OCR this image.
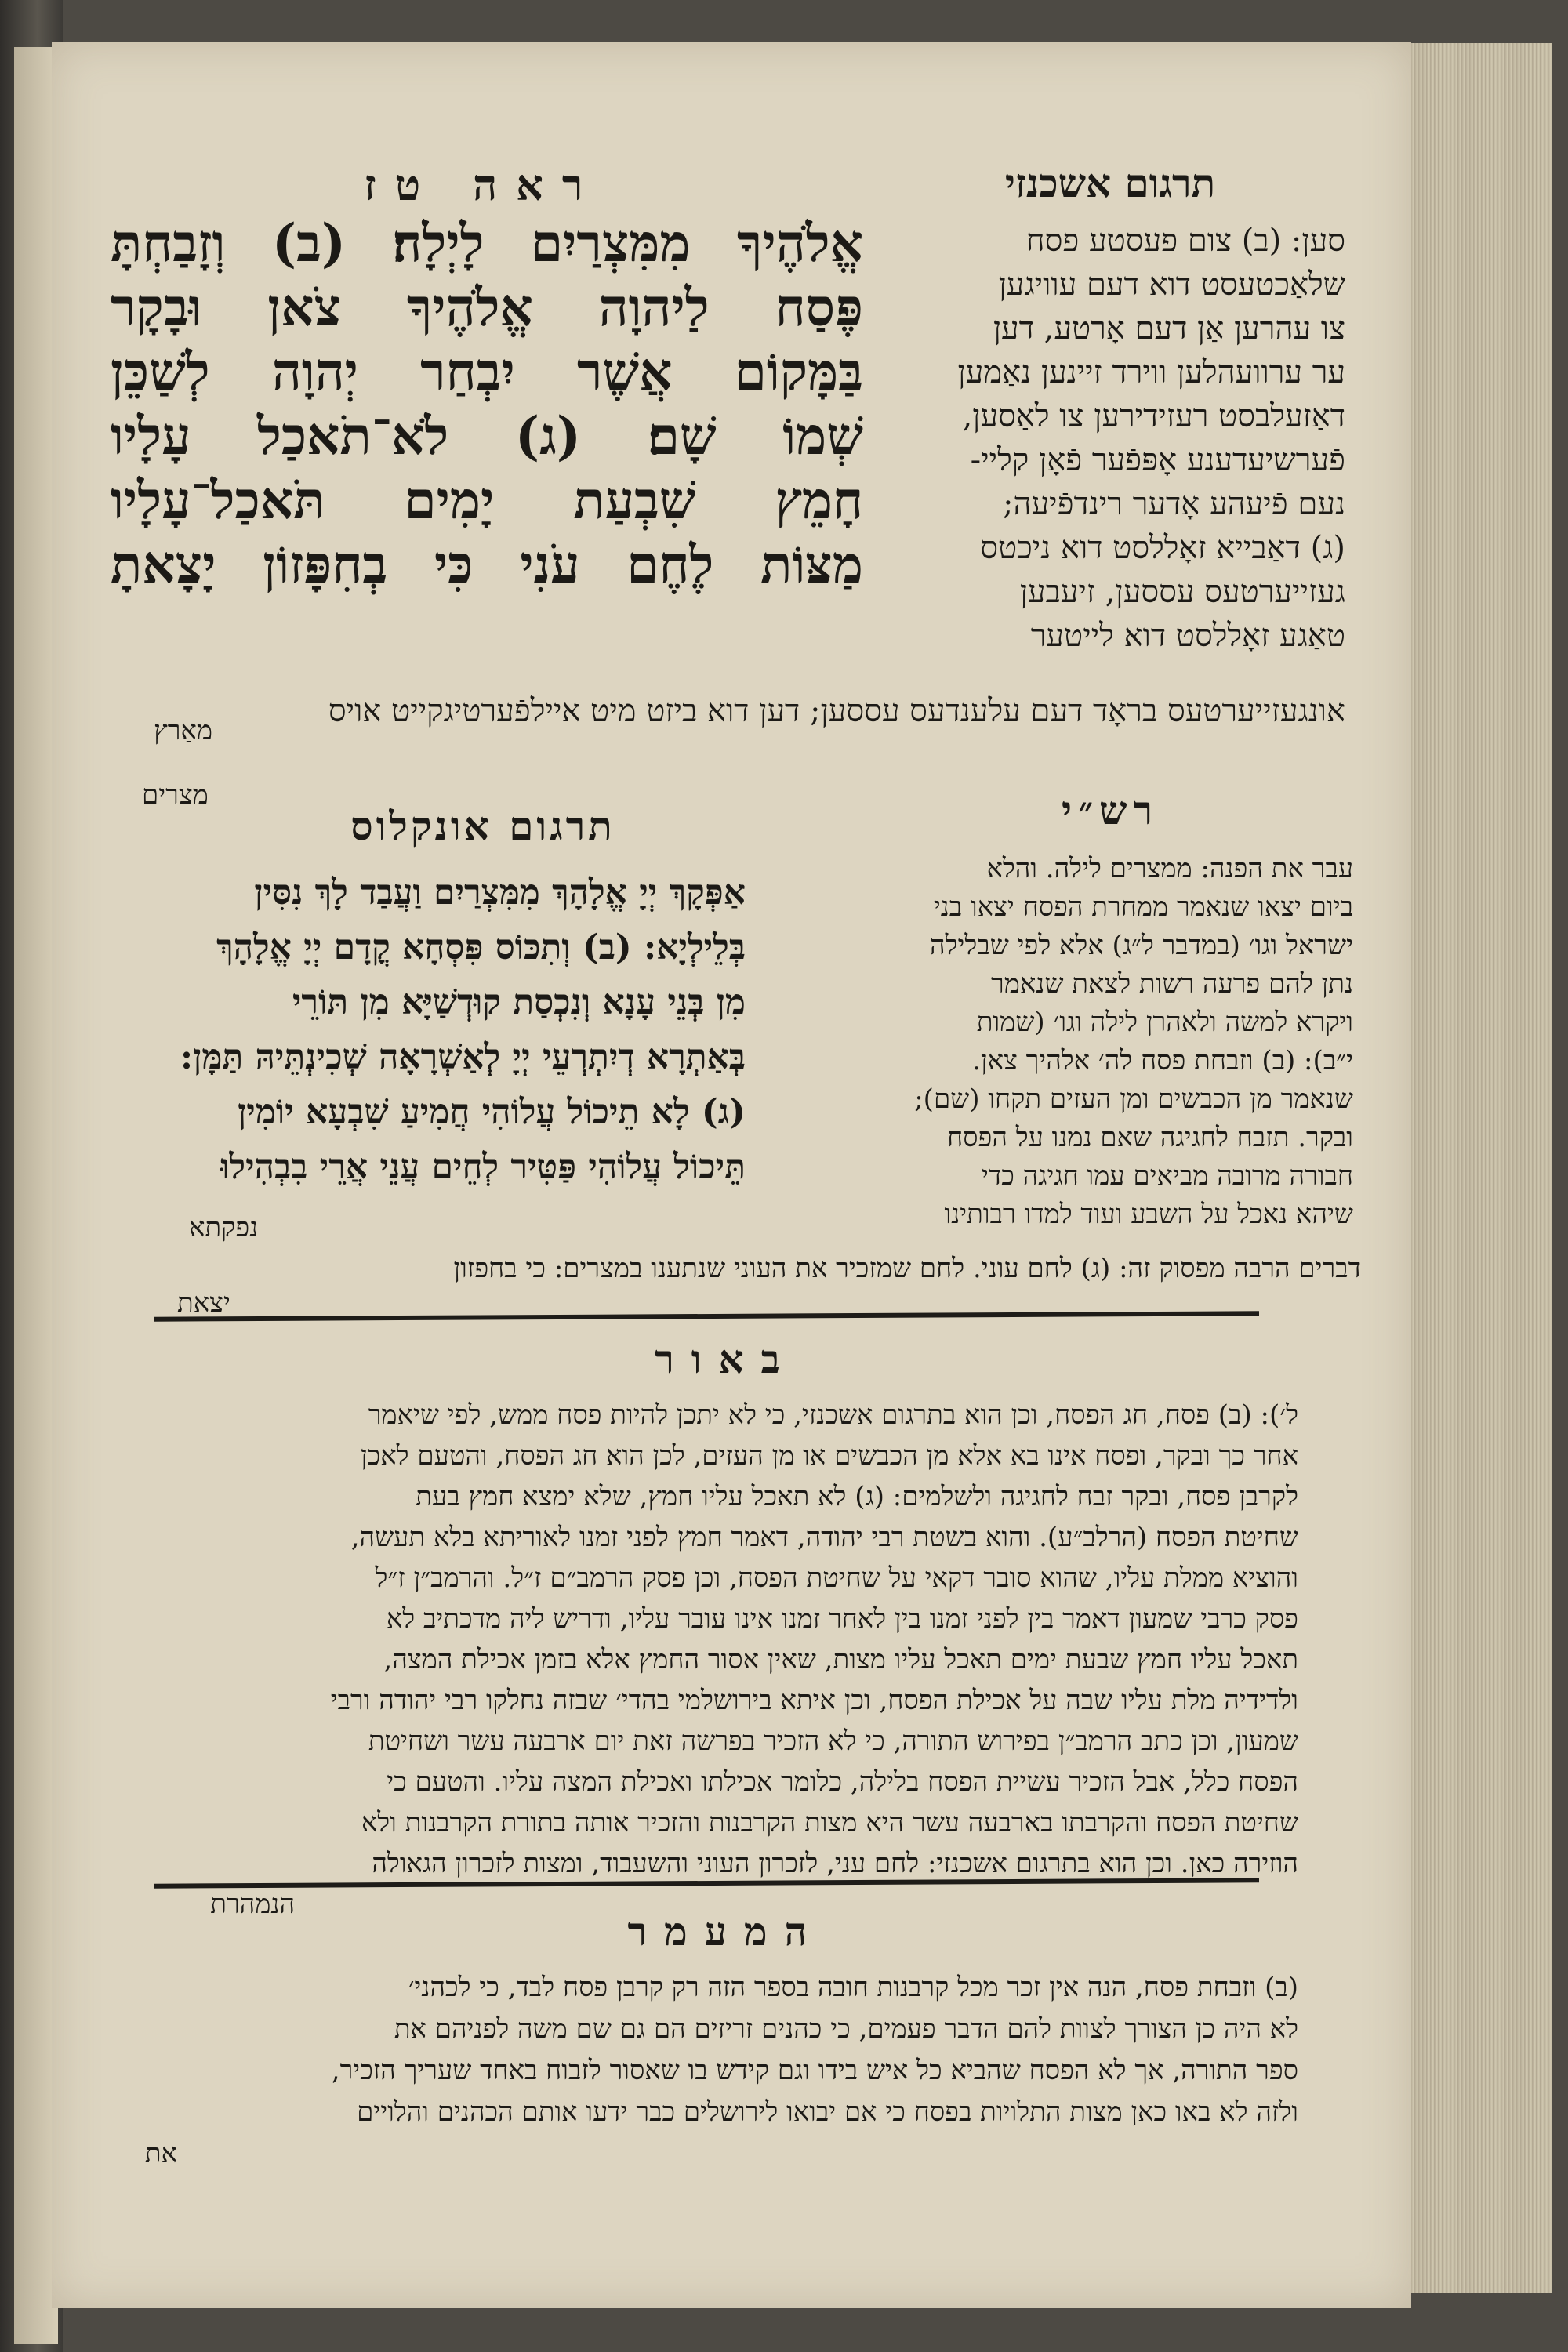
ראה טז	תרגום אשכנזי
אֱלֹהֶיךָ מִמִּצְרַיִם לָיְלָה׃ (ב) וְזָבַחְתָּ
פֶּסַח לַיהוָה אֱלֹהֶיךָ צֹאן וּבָקָר
בַּמָּקוֹם אֲשֶׁר יִבְחַר יְהוָה לְשַׁכֵּן
שְׁמוֹ שָׁם׃ (ג) לֹא־תֹאכַל עָלָיו
חָמֵץ שִׁבְעַת יָמִים תֹּאכַל־עָלָיו
מַצּוֹת לֶחֶם עֹנִי כִּי בְחִפָּזוֹן יָצָאתָ
סען: (ב) צום פעסטע פסח
שלאַכטעסט דוא דעם עוויגען
צו עהרען אַן דעם אָרטע, דען
ער ערוועהלען ווירד זיינען נאַמען
דאַזעלבסט רעזידירען צו לאַסען,
פֿערשיעדענע אָפּפֿער פֿאָן קליי-
נעם פֿיעהע אָדער רינדפֿיעה;
(ג) דאַבייא זאָללסט דוא ניכטס
געזייערטעס עססען, זיעבען
טאַגע זאָללסט דוא לייטער
מאַרץ
אונגעזייערטעס בראָד דעם עלענדעס עססען; דען דוא ביזט מיט איילפֿערטיגקייט אויס
מצרים	רש״י
עבר את הפנה: ממצרים לילה. והלא
ביום יצאו שנאמר ממחרת הפסח יצאו בני
ישראל וגו׳ (במדבר ל״ג) אלא לפי שבלילה
נתן להם פרעה רשות לצאת שנאמר
ויקרא למשה ולאהרן לילה וגו׳ (שמות
י״ב): (ב) וזבחת פסח לה׳ אלהיך צאן.
שנאמר מן הכבשים ומן העזים תקחו (שם);
ובקר. תזבח לחגיגה שאם נמנו על הפסח
חבורה מרובה מביאים עמו חגיגה כדי
שיהא נאכל על השבע ועוד למדו רבותינו
תרגום אונקלוס
אַפְּקָךְ יְיָ אֱלָהָךְ מִמִּצְרַיִם וַעֲבַד לָךְ נִסִּין
בְּלֵילְיָא: (ב) וְתִכּוֹס פִּסְחָא קֳדָם יְיָ אֱלָהָךְ
מִן בְּנֵי עָנָא וְנִכְסַת קוּדְשַׁיָּא מִן תּוֹרֵי
בְּאַתְרָא דְיִתְרְעֵי יְיָ לְאַשְׁרָאָה שְׁכִינְתֵּיהּ תַּמָּן:
(ג) לָא תֵיכוֹל עֲלוֹהִי חֲמִיעַ שִׁבְעָא יוֹמִין
תֵּיכוֹל עֲלוֹהִי פַּטִּיר לְחֵים עֲנֵי אֲרֵי בִבְהִילוּ
נפקתא
דברים הרבה מפסוק זה: (ג) לחם עוני. לחם שמזכיר את העוני שנתענו במצרים: כי בחפזון
יצאת
באור
ל׳): (ב) פסח, חג הפסח, וכן הוא בתרגום אשכנזי, כי לא יתכן להיות פסח ממש, לפי שיאמר
אחר כך ובקר, ופסח אינו בא אלא מן הכבשים או מן העזים, לכן הוא חג הפסח, והטעם לאכן
לקרבן פסח, ובקר זבח לחגיגה ולשלמים: (ג) לא תאכל עליו חמץ, שלא ימצא חמץ בעת
שחיטת הפסח (הרלב״ע). והוא בשטת רבי יהודה, דאמר חמץ לפני זמנו לאוריתא בלא תעשה,
והוציא ממלת עליו, שהוא סובר דקאי על שחיטת הפסח, וכן פסק הרמב״ם ז״ל. והרמב״ן ז״ל
פסק כרבי שמעון דאמר בין לפני זמנו בין לאחר זמנו אינו עובר עליו, ודריש ליה מדכתיב לא
תאכל עליו חמץ שבעת ימים תאכל עליו מצות, שאין אסור החמץ אלא בזמן אכילת המצה,
ולדידיה מלת עליו שבה על אכילת הפסח, וכן איתא בירושלמי בהדי׳ שבזה נחלקו רבי יהודה ורבי
שמעון, וכן כתב הרמב״ן בפירוש התורה, כי לא הזכיר בפרשה זאת יום ארבעה עשר ושחיטת
הפסח כלל, אבל הזכיר עשיית הפסח בלילה, כלומר אכילתו ואכילת המצה עליו. והטעם כי
שחיטת הפסח והקרבתו בארבעה עשר היא מצות הקרבנות והזכיר אותה בתורת הקרבנות ולא
הוזירה כאן. וכן הוא בתרגום אשכנזי: לחם עני, לזכרון העוני והשעבוד, ומצות לזכרון הגאולה
הנמהרת
המעמר
(ב) וזבחת פסח, הנה אין זכר מכל קרבנות חובה בספר הזה רק קרבן פסח לבד, כי לכהני׳
לא היה כן הצורך לצוות להם הדבר פעמים, כי כהנים זריזים הם גם שם משה לפניהם את
ספר התורה, אך לא הפסח שהביא כל איש בידו וגם קידש בו שאסור לזבוח באחד שעריך הזכיר,
ולזה לא באו כאן מצות התלויות בפסח כי אם יבואו לירושלים כבר ידעו אותם הכהנים והלויים
את
